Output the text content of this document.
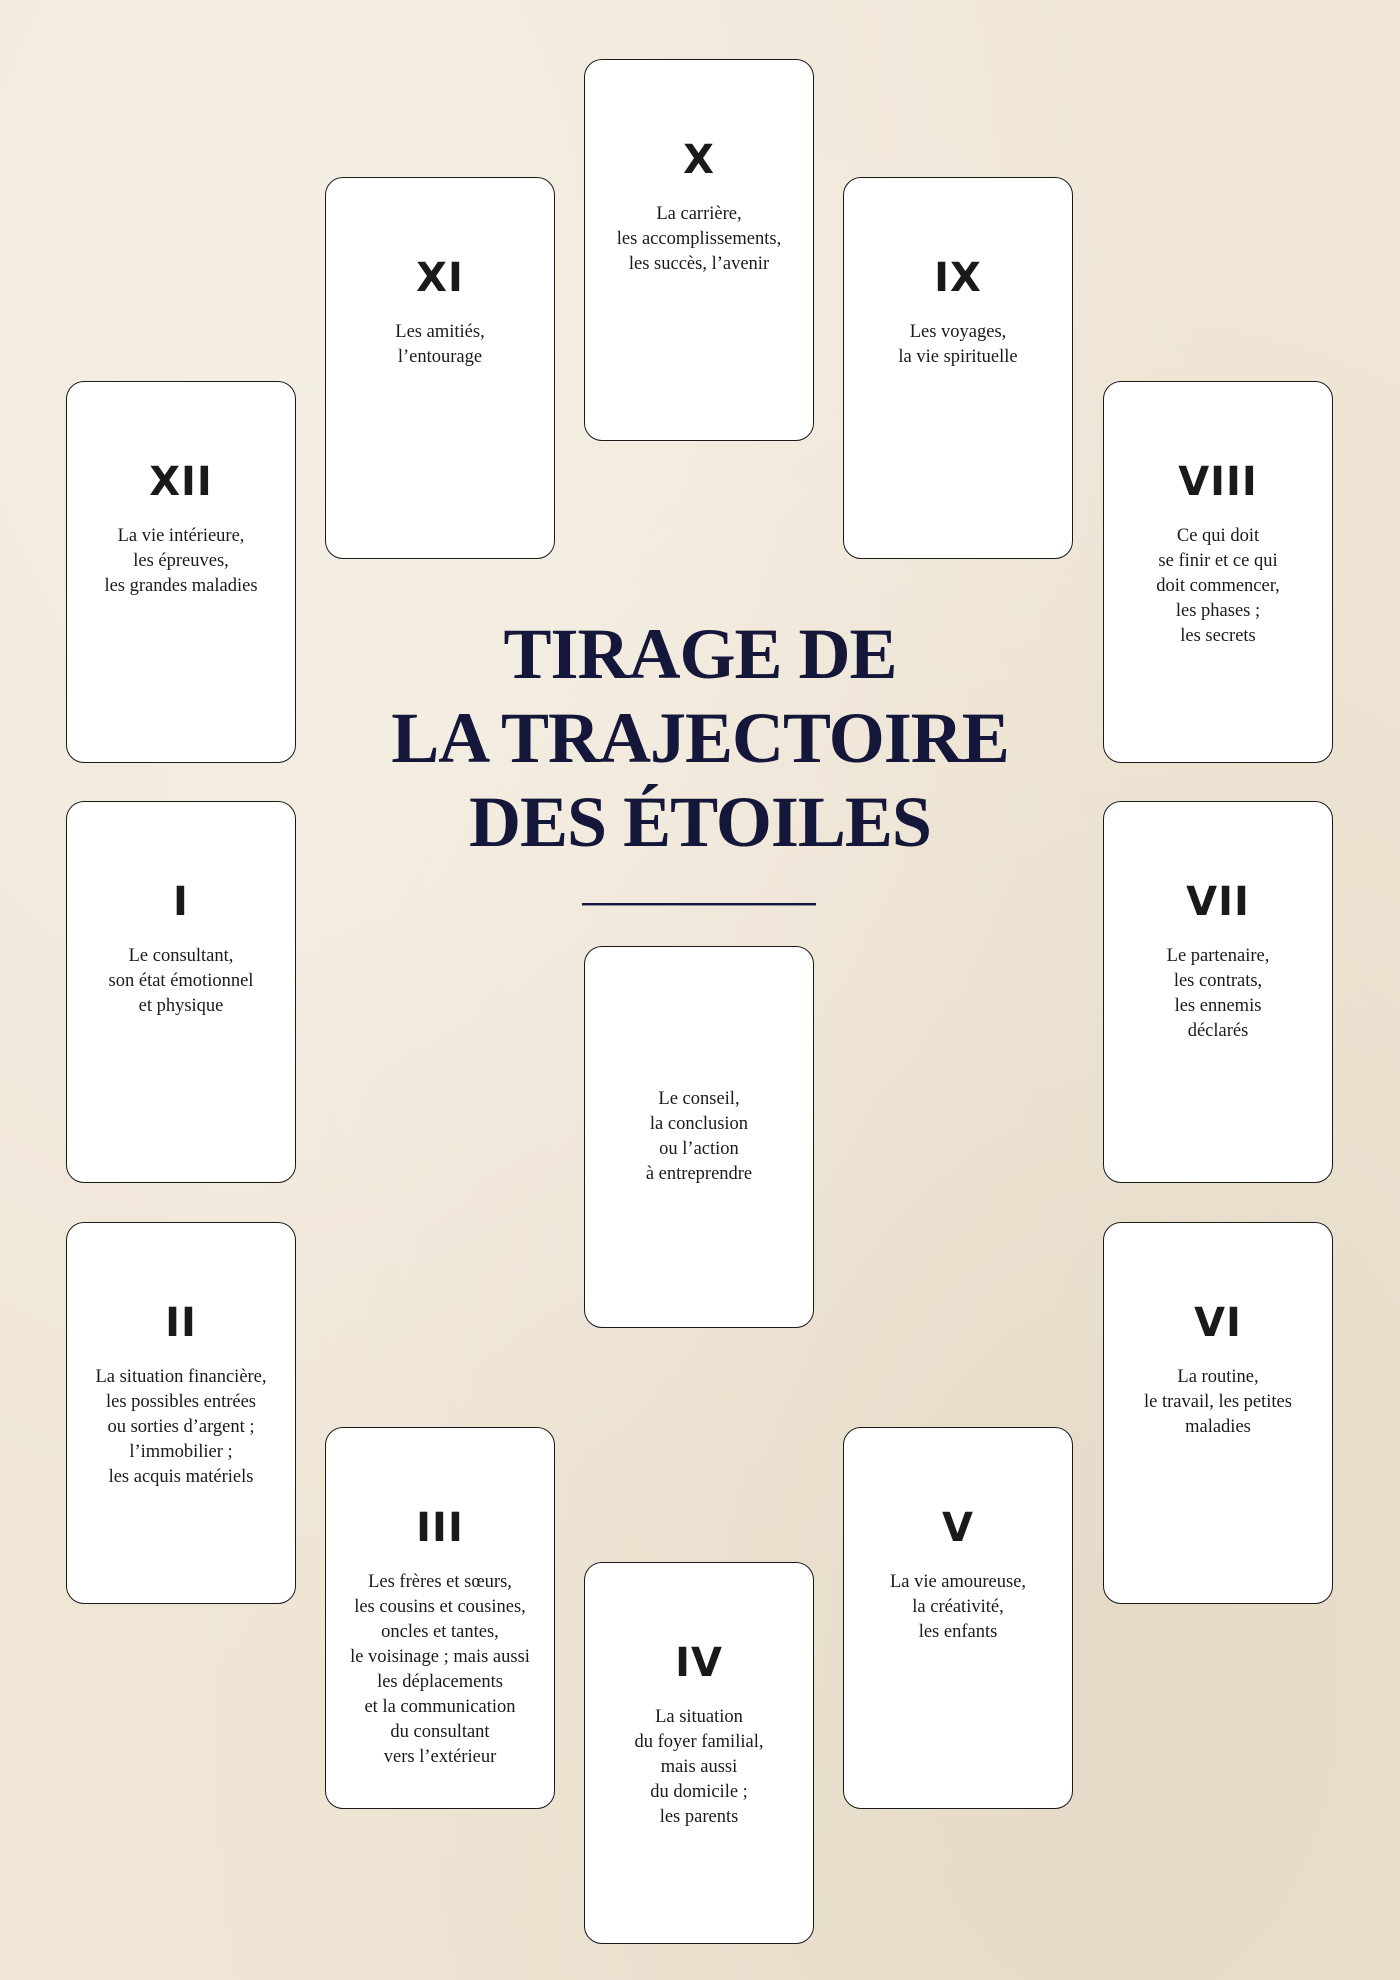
X

La carrière,
les accomplissements,
les succès, l’avenir

XI

Les amitiés,
l’entourage

IX

Les voyages,
la vie spirituelle

XII

La vie intérieure,
les épreuves,
les grandes maladies

VIII

Ce qui doit
se finir et ce qui
doit commencer,
les phases ;
les secrets

TIRAGE DE
LA TRAJECTOIRE
DES ÉTOILES
I

Le consultant,
son état émotionnel
et physique

VII

Le partenaire,
les contrats,
les ennemis
déclarés

Le conseil,
la conclusion
ou l’action
à entreprendre

II

La situation financière,
les possibles entrées
ou sorties d’argent ;
l’immobilier ;
les acquis matériels

VI

La routine,
le travail, les petites
maladies

III

Les frères et sœurs,
les cousins et cousines,
oncles et tantes,
le voisinage ; mais aussi
les déplacements
et la communication
du consultant
vers l’extérieur

V

La vie amoureuse,
la créativité,
les enfants

IV

La situation
du foyer familial,
mais aussi
du domicile ;
les parents
